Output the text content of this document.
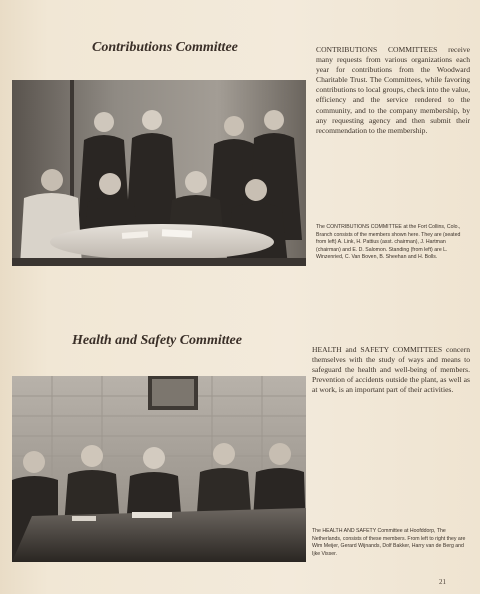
Contributions Committee	CONTRIBUTIONS COMMITTEES receive many requests from various organizations each year for contributions from the Woodward Charitable Trust. The Committees, while favoring contributions to local groups, check into the value, efficiency and the service rendered to the community, and to the company membership, by any requesting agency and then submit their recommendation to the membership.

The CONTRIBUTIONS COMMITTEE at the Fort Collins, Colo., Branch consists of the members shown here. They are (seated from left) A. Link, H. Pattius (asst. chairman), J. Hartman (chairman) and E. D. Salomon. Standing (from left) are L. Winzenried, C. Van Boven, B. Sheehan and H. Bolls.

Health and Safety Committee

HEALTH and SAFETY COMMITTEES concern themselves with the study of ways and means to safeguard the health and well-being of members. Prevention of accidents outside the plant, as well as at work, is an important part of their activities.

The HEALTH AND SAFETY Committee at Hoofddorp, The Netherlands, consists of these members. From left to right they are Wim Meijer, Gerard Wijnands, Dolf Bakker, Harry van de Berg and Ijke Visser.

21
